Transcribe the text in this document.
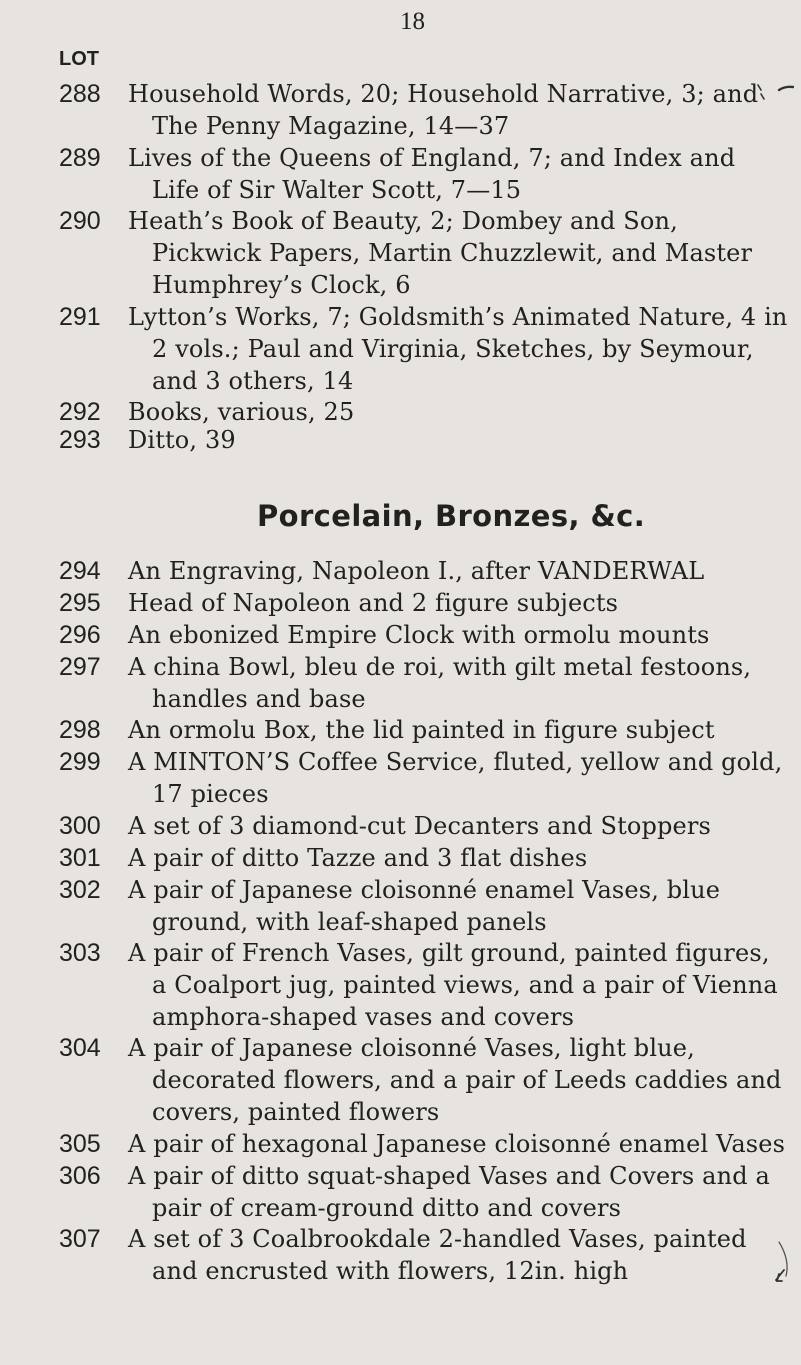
18
LOT
288	Household Words, 20; Household Narrative, 3; and The Penny Magazine, 14—37
289	Lives of the Queens of England, 7; and Index and Life of Sir Walter Scott, 7—15
290	Heath’s Book of Beauty, 2; Dombey and Son, Pickwick Papers, Martin Chuzzlewit, and Master Humphrey’s Clock, 6
291	Lytton’s Works, 7; Goldsmith’s Animated Nature, 4 in 2 vols.; Paul and Virginia, Sketches, by Seymour, and 3 others, 14
292	Books, various, 25
293	Ditto, 39
Porcelain, Bronzes, &c.
294	An Engraving, Napoleon I., after VANDERWAL
295	Head of Napoleon and 2 figure subjects
296	An ebonized Empire Clock with ormolu mounts
297	A china Bowl, bleu de roi, with gilt metal festoons, handles and base
298	An ormolu Box, the lid painted in figure subject
299	A MINTON’S Coffee Service, fluted, yellow and gold, 17 pieces
300	A set of 3 diamond-cut Decanters and Stoppers
301	A pair of ditto Tazze and 3 flat dishes
302	A pair of Japanese cloisonné enamel Vases, blue ground, with leaf-shaped panels
303	A pair of French Vases, gilt ground, painted figures, a Coalport jug, painted views, and a pair of Vienna amphora-shaped vases and covers
304	A pair of Japanese cloisonné Vases, light blue, decorated flowers, and a pair of Leeds caddies and covers, painted flowers
305	A pair of hexagonal Japanese cloisonné enamel Vases
306	A pair of ditto squat-shaped Vases and Covers and a pair of cream-ground ditto and covers
307	A set of 3 Coalbrookdale 2-handled Vases, painted and encrusted with flowers, 12in. high
